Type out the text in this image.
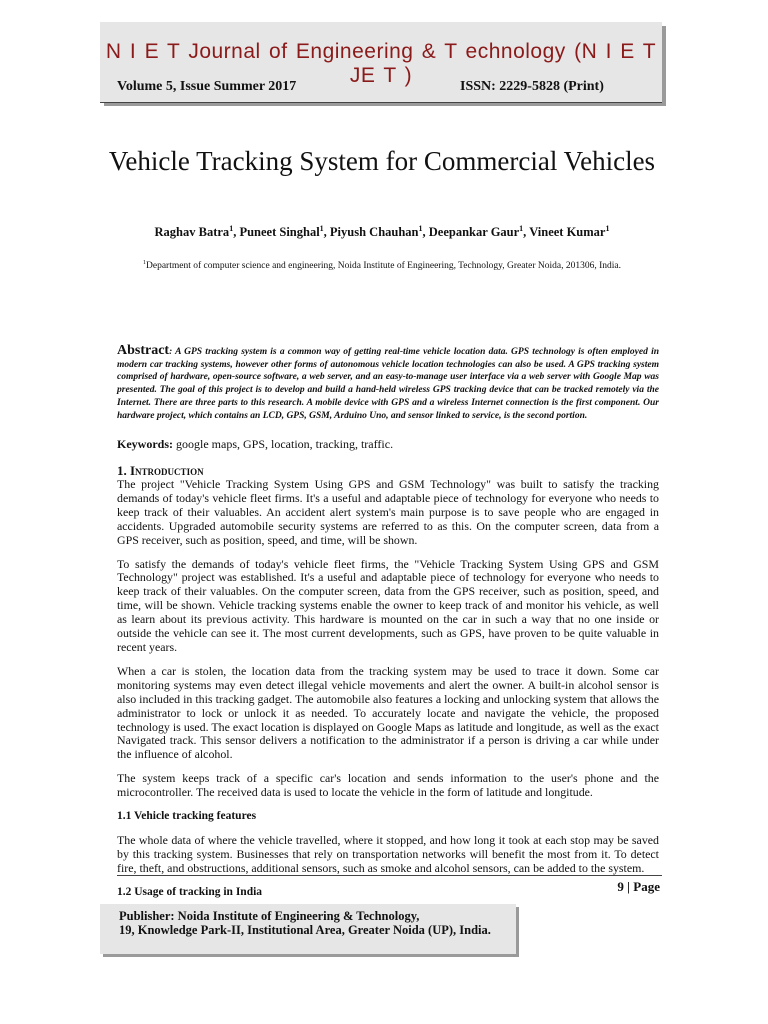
N I E T Journal of Engineering & T echnology (N I E T JE T )
Volume 5, Issue Summer 2017	ISSN: 2229-5828 (Print)
Vehicle Tracking System for Commercial Vehicles
Raghav Batra$^1$, Puneet Singhal$^1$, Piyush Chauhan$^1$, Deepankar Gaur$^1$, Vineet Kumar$^1$
$^1$Department of computer science and engineering, Noida Institute of Engineering, Technology, Greater Noida, 201306, India.
Abstract: A GPS tracking system is a common way of getting real-time vehicle location data. GPS technology is often employed in modern car tracking systems, however other forms of autonomous vehicle location technologies can also be used. A GPS tracking system comprised of hardware, open-source software, a web server, and an easy-to-manage user interface via a web server with Google Map was presented. The goal of this project is to develop and build a hand-held wireless GPS tracking device that can be tracked remotely via the Internet. There are three parts to this research. A mobile device with GPS and a wireless Internet connection is the first component. Our hardware project, which contains an LCD, GPS, GSM, Arduino Uno, and sensor linked to service, is the second portion.
Keywords: google maps, GPS, location, tracking, traffic.
1. Introduction

The project "Vehicle Tracking System Using GPS and GSM Technology" was built to satisfy the tracking demands of today's vehicle fleet firms. It's a useful and adaptable piece of technology for everyone who needs to keep track of their valuables. An accident alert system's main purpose is to save people who are engaged in accidents. Upgraded automobile security systems are referred to as this. On the computer screen, data from a GPS receiver, such as position, speed, and time, will be shown.

To satisfy the demands of today's vehicle fleet firms, the "Vehicle Tracking System Using GPS and GSM Technology" project was established. It's a useful and adaptable piece of technology for everyone who needs to keep track of their valuables. On the computer screen, data from the GPS receiver, such as position, speed, and time, will be shown. Vehicle tracking systems enable the owner to keep track of and monitor his vehicle, as well as learn about its previous activity. This hardware is mounted on the car in such a way that no one inside or outside the vehicle can see it. The most current developments, such as GPS, have proven to be quite valuable in recent years.

When a car is stolen, the location data from the tracking system may be used to trace it down. Some car monitoring systems may even detect illegal vehicle movements and alert the owner. A built-in alcohol sensor is also included in this tracking gadget. The automobile also features a locking and unlocking system that allows the administrator to lock or unlock it as needed. To accurately locate and navigate the vehicle, the proposed technology is used. The exact location is displayed on Google Maps as latitude and longitude, as well as the exact Navigated track. This sensor delivers a notification to the administrator if a person is driving a car while under the influence of alcohol.

The system keeps track of a specific car's location and sends information to the user's phone and the microcontroller. The received data is used to locate the vehicle in the form of latitude and longitude.

1.1 Vehicle tracking features

The whole data of where the vehicle travelled, where it stopped, and how long it took at each stop may be saved by this tracking system. Businesses that rely on transportation networks will benefit the most from it. To detect fire, theft, and obstructions, additional sensors, such as smoke and alcohol sensors, can be added to the system.

1.2 Usage of tracking in India	9 | Page
Publisher: Noida Institute of Engineering & Technology,
19, Knowledge Park-II, Institutional Area, Greater Noida (UP), India.
